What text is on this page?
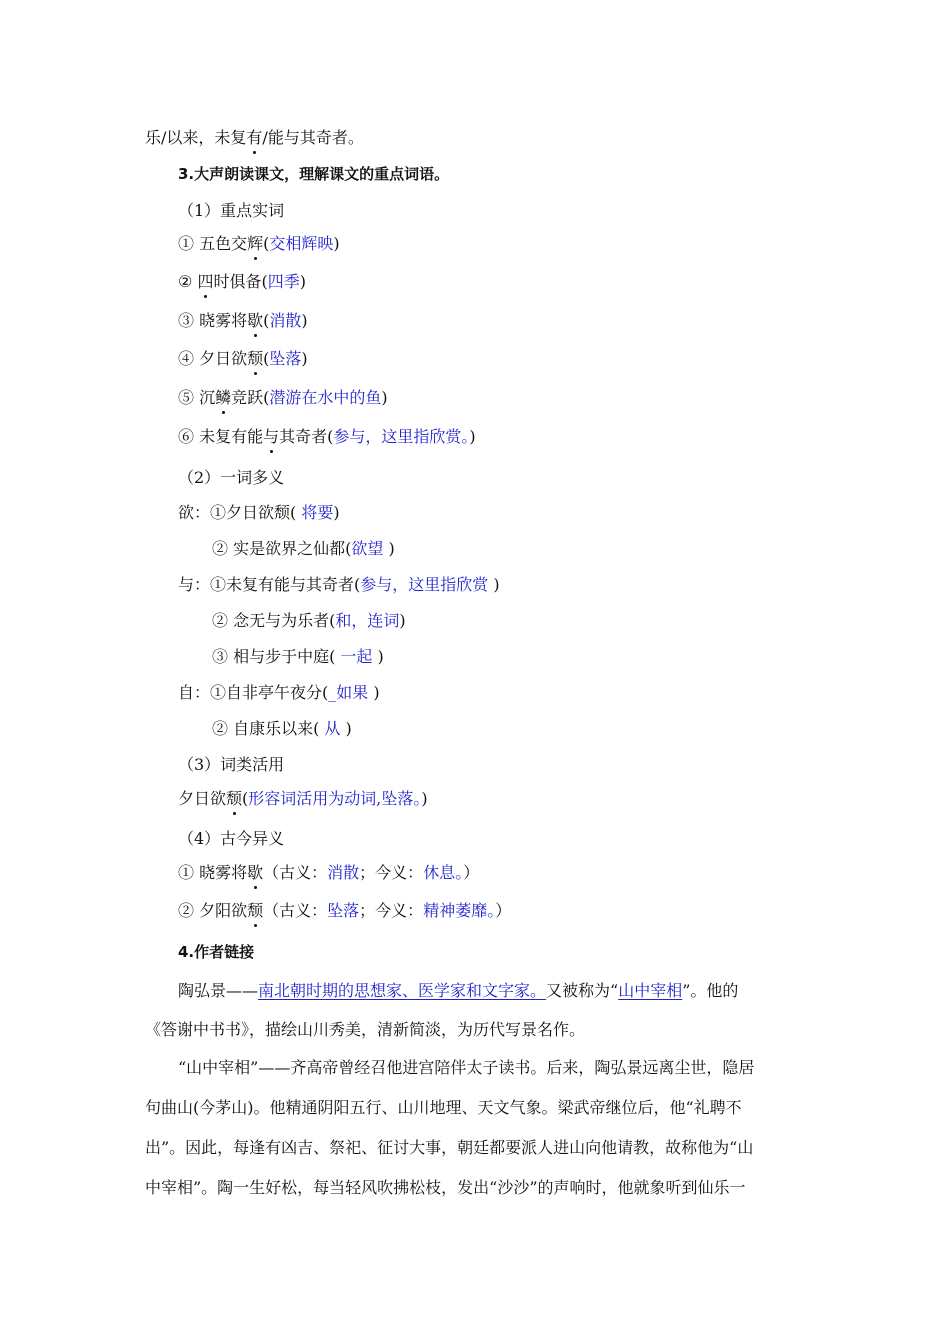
乐/以来，未复有/能与其奇者。
3.大声朗读课文，理解课文的重点词语。
（1）重点实词
① 五色交辉(交相辉映)
② 四时俱备(四季)
③ 晓雾将歇(消散)
④ 夕日欲颓(坠落)
⑤ 沉鳞竞跃(潜游在水中的鱼)
⑥ 未复有能与其奇者(参与，这里指欣赏。)
（2）一词多义
欲：①夕日欲颓( 将要)
② 实是欲界之仙都(欲望 )
与：①未复有能与其奇者(参与，这里指欣赏 )
② 念无与为乐者(和，连词)
③ 相与步于中庭( 一起 )
自：①自非亭午夜分(_如果 )
② 自康乐以来( 从 )
（3）词类活用
夕日欲颓(形容词活用为动词,坠落。)
（4）古今异义
① 晓雾将歇（古义：消散；今义：休息。）
② 夕阳欲颓（古义：坠落；今义：精神萎靡。）
4.作者链接
陶弘景——南北朝时期的思想家、医学家和文字家。又被称为“山中宰相”。他的
《答谢中书书》，描绘山川秀美，清新简淡，为历代写景名作。
“山中宰相”——齐高帝曾经召他进宫陪伴太子读书。后来，陶弘景远离尘世，隐居
句曲山(今茅山)。他精通阴阳五行、山川地理、天文气象。梁武帝继位后，他“礼聘不
出”。因此，每逢有凶吉、祭祀、征讨大事，朝廷都要派人进山向他请教，故称他为“山
中宰相”。陶一生好松，每当轻风吹拂松枝，发出“沙沙”的声响时，他就象听到仙乐一
